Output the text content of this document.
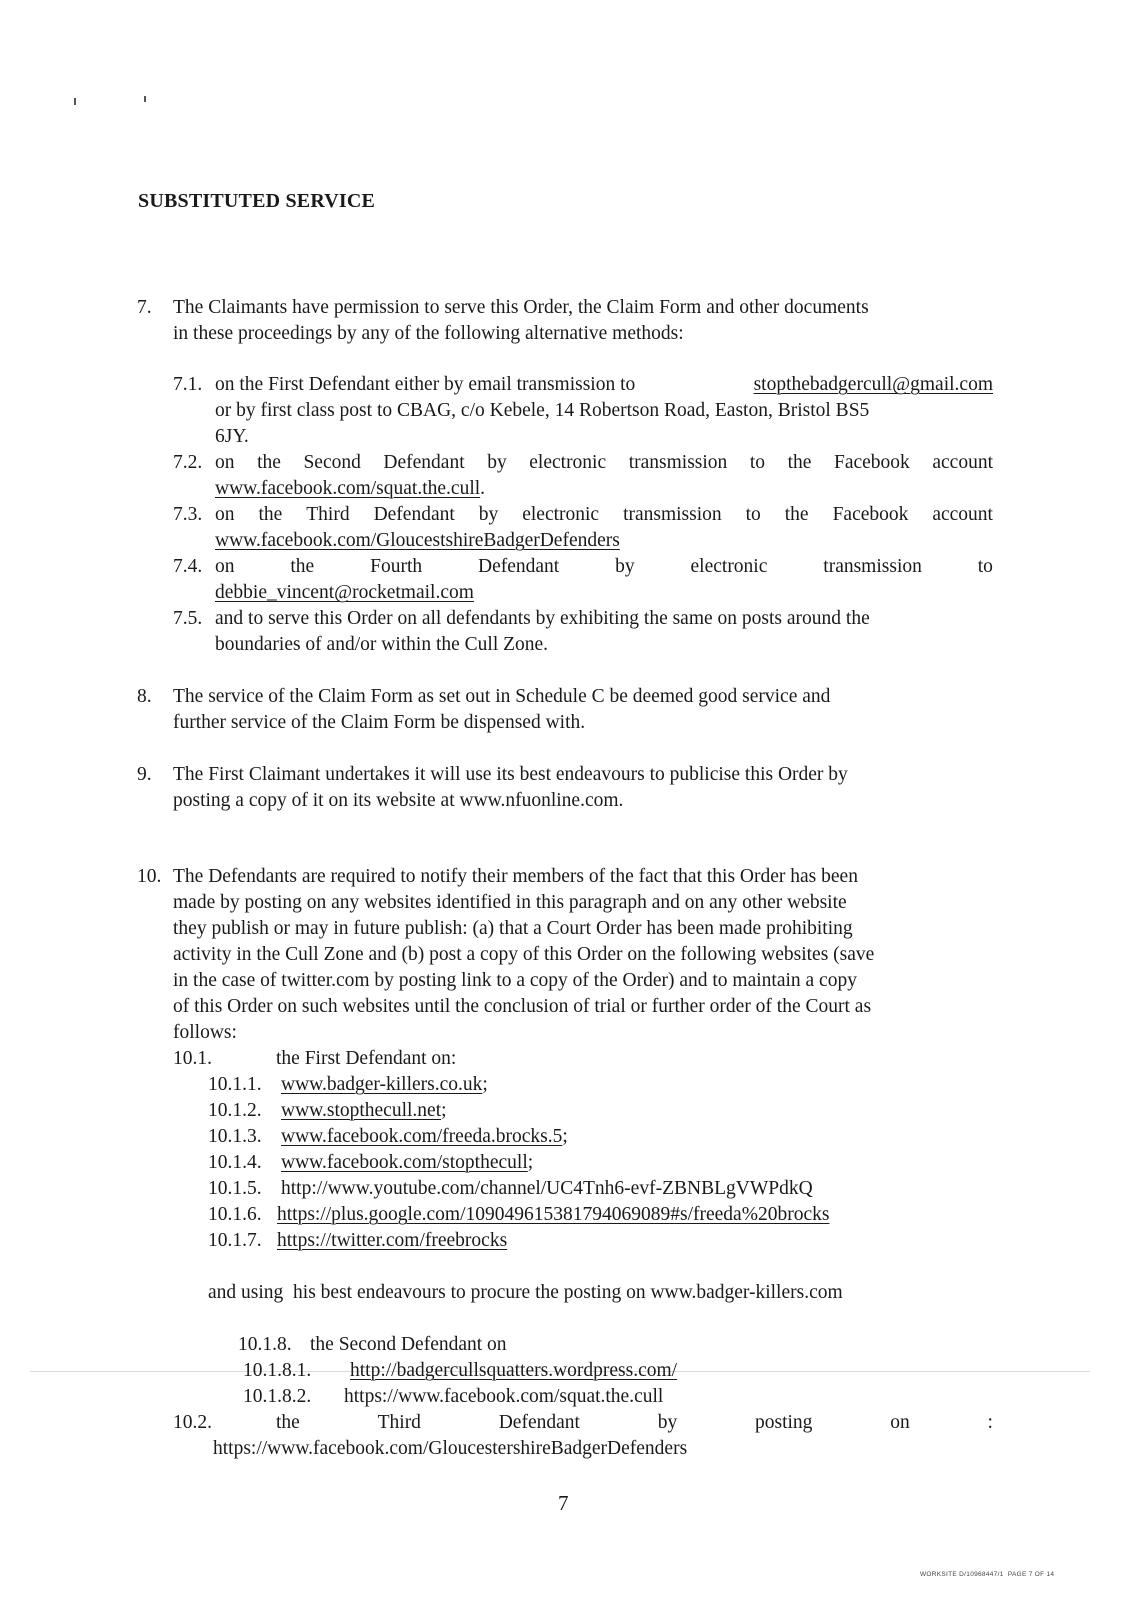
SUBSTITUTED SERVICE
7. The Claimants have permission to serve this Order, the Claim Form and other documents
in these proceedings by any of the following alternative methods:
7.1. on the First Defendant either by email transmission to	stopthebadgercull@gmail.com
or by first class post to CBAG, c/o Kebele, 14 Robertson Road, Easton, Bristol BS5
6JY.
7.2. on the Second Defendant by electronic transmission to the Facebook account
www.facebook.com/squat.the.cull.
7.3. on the Third Defendant by electronic transmission to the Facebook account
www.facebook.com/GloucestshireBadgerDefenders
7.4. on	the	Fourth	Defendant	by	electronic	transmission	to
debbie_vincent@rocketmail.com
7.5. and to serve this Order on all defendants by exhibiting the same on posts around the
boundaries of and/or within the Cull Zone.
8. The service of the Claim Form as set out in Schedule C be deemed good service and
further service of the Claim Form be dispensed with.
9. The First Claimant undertakes it will use its best endeavours to publicise this Order by
posting a copy of it on its website at www.nfuonline.com.
10. The Defendants are required to notify their members of the fact that this Order has been
made by posting on any websites identified in this paragraph and on any other website
they publish or may in future publish: (a) that a Court Order has been made prohibiting
activity in the Cull Zone and (b) post a copy of this Order on the following websites (save
in the case of twitter.com by posting link to a copy of the Order) and to maintain a copy
of this Order on such websites until the conclusion of trial or further order of the Court as
follows:
10.1.	the First Defendant on:
10.1.1. www.badger-killers.co.uk;
10.1.2. www.stopthecull.net;
10.1.3. www.facebook.com/freeda.brocks.5;
10.1.4. www.facebook.com/stopthecull;
10.1.5. http://www.youtube.com/channel/UC4Tnh6-evf-ZBNBLgVWPdkQ
10.1.6. https://plus.google.com/109049615381794069089#s/freeda%20brocks
10.1.7. https://twitter.com/freebrocks
and using  his best endeavours to procure the posting on www.badger-killers.com
10.1.8. the Second Defendant on
10.1.8.1. http://badgercullsquatters.wordpress.com/
10.1.8.2. https://www.facebook.com/squat.the.cull
10.2.	the	Third	Defendant	by	posting	on	:
https://www.facebook.com/GloucestershireBadgerDefenders
7
WORKSITE D/10968447/1  PAGE 7 OF 14
